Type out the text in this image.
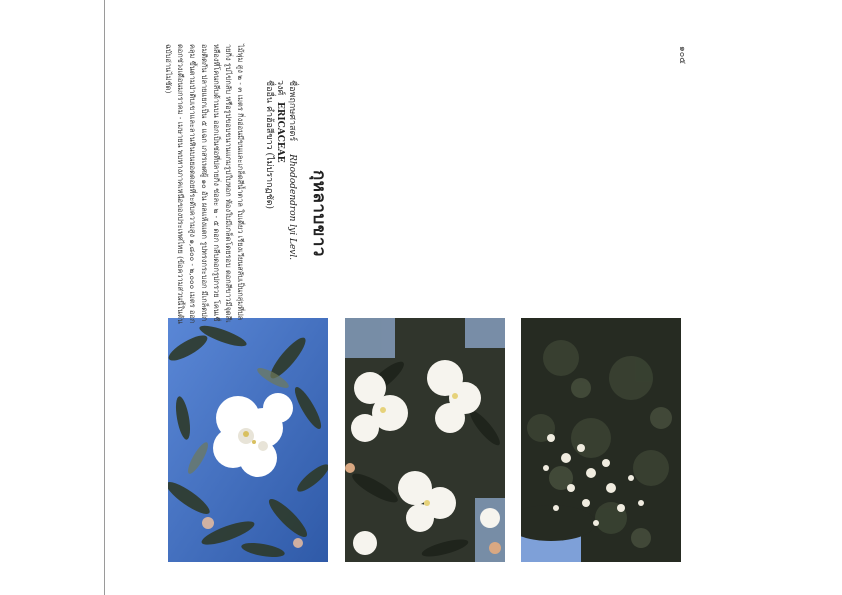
กุหลาบขาว
ชื่อพฤกษศาสตร์ Rhododendron lyi Levl.
วงศ์ ERICACEAE
ชื่ออื่น คำฮ้อสีขาว (ไม่ปรากฏชัด)
ไม้พุ่ม สูง ๒ - ๓ เมตร กิ่งอ่อนมีขนและเกล็ดสีน้ำตาล ใบเดี่ยว เรียงเวียนสลับเป็นกลุ่มที่ปลายกิ่ง รูปไข่กลับ หรือรูปขอบขนานแกมรูปใบหอก ท้องใบมีเกล็ดโดยรอบ ดอกสีขาวมีจุดสีเหลืองที่โคนกลีบด้านบน ออกเป็นช่อที่ปลายกิ่ง ช่อละ ๒ - ๕ ดอก กลีบดอกรูปกรวย โคนเชื่อมติดกัน ปลายแยกเป็น ๕ แฉก เกสรเพศผู้ ๑๐ อัน ผลแห้งแตก รูปทรงกระบอก มีเกล็ดปกคลุม ขึ้นตามป่าดิบเขาและลานหินบนยอดดอยที่ระดับความสูง ๑,๘๐๐ - ๒,๐๐๐ เมตร ออกดอกช่วงเดือนมกราคม - เมษายน พบทางภาคเหนือของประเทศไทย (ข้อความส่วนนี้ในต้นฉบับอ่านไม่ชัด)	๑๐๕
